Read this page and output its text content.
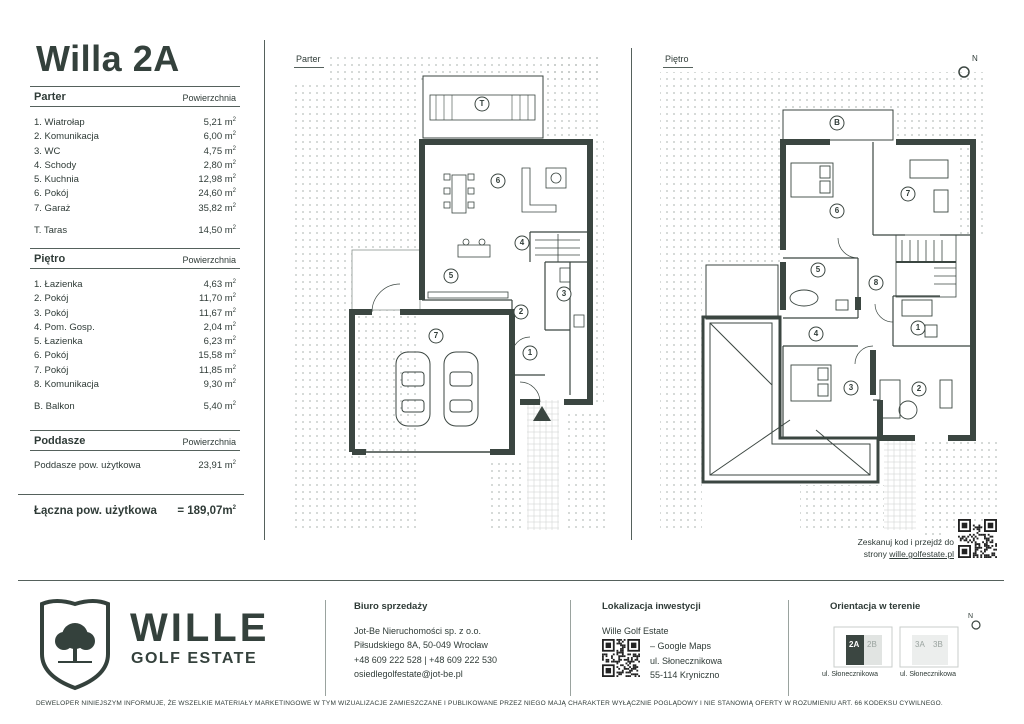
Willa 2A
Parter	Powierzchnia
1. Wiatrołap	5,21 $m^2$
2. Komunikacja	6,00 $m^2$
3. WC	4,75 $m^2$
4. Schody	2,80 $m^2$
5. Kuchnia	12,98 $m^2$
6. Pokój	24,60 $m^2$
7. Garaż	35,82 $m^2$
T. Taras	14,50 $m^2$
Piętro	Powierzchnia
1. Łazienka	4,63 $m^2$
2. Pokój	11,70 $m^2$
3. Pokój	11,67 $m^2$
4. Pom. Gosp.	2,04 $m^2$
5. Łazienka	6,23 $m^2$
6. Pokój	15,58 $m^2$
7. Pokój	11,85 $m^2$
8. Komunikacja	9,30 $m^2$
B. Balkon	5,40 $m^2$
Poddasze	Powierzchnia
Poddasze pow. użytkowa	23,91 $m^2$
Łączna pow. użytkowa = $189,07m^2$
Parter	Piętro
T
6
4
5
3
2
1
7
B
6
7
5
8
4
1
3	2
N
Zeskanuj kod i przejdź do
strony wille.golfestate.pl
WILLE
GOLF ESTATE
Biuro sprzedaży
Jot-Be Nieruchomości sp. z o.o.
Piłsudskiego 8A, 50-049 Wrocław
+48 609 222 528 | +48 609 222 530
osiedlegolfestate@jot-be.pl
Lokalizacja inwestycji
Wille Golf Estate
– Google Maps
ul. Słonecznikowa
55-114 Kryniczno
Orientacja w terenie
2A 2B	3A 3B
N
ul. Słonecznikowa	ul. Słonecznikowa
DEWELOPER NINIEJSZYM INFORMUJE, ŻE WSZELKIE MATERIAŁY MARKETINGOWE W TYM WIZUALIZACJE ZAMIESZCZANE I PUBLIKOWANE PRZEZ NIEGO MAJĄ CHARAKTER WYŁĄCZNIE POGLĄDOWY I NIE STANOWIĄ OFERTY W ROZUMIENIU ART. 66 KODEKSU CYWILNEGO.
